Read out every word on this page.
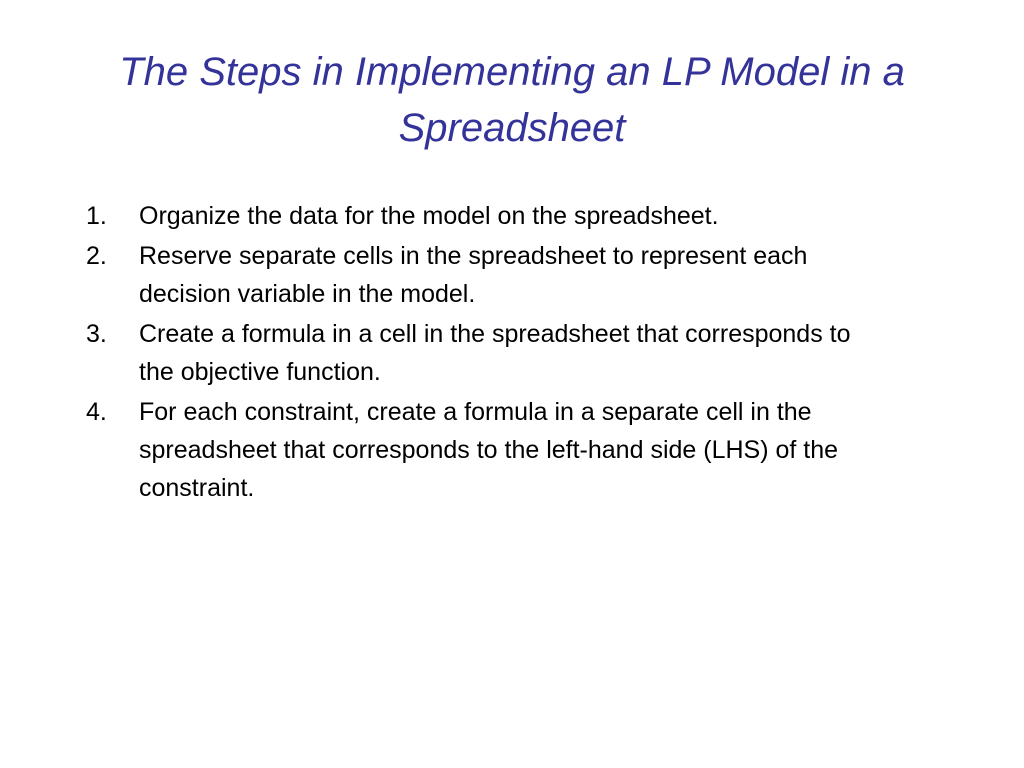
The Steps in Implementing an LP Model in a
Spreadsheet
1.	Organize the data for the model on the spreadsheet.
2.	Reserve separate cells in the spreadsheet to represent each
decision variable in the model.
3.	Create a formula in a cell in the spreadsheet that corresponds to
the objective function.
4.	For each constraint, create a formula in a separate cell in the
spreadsheet that corresponds to the left-hand side (LHS) of the
constraint.
